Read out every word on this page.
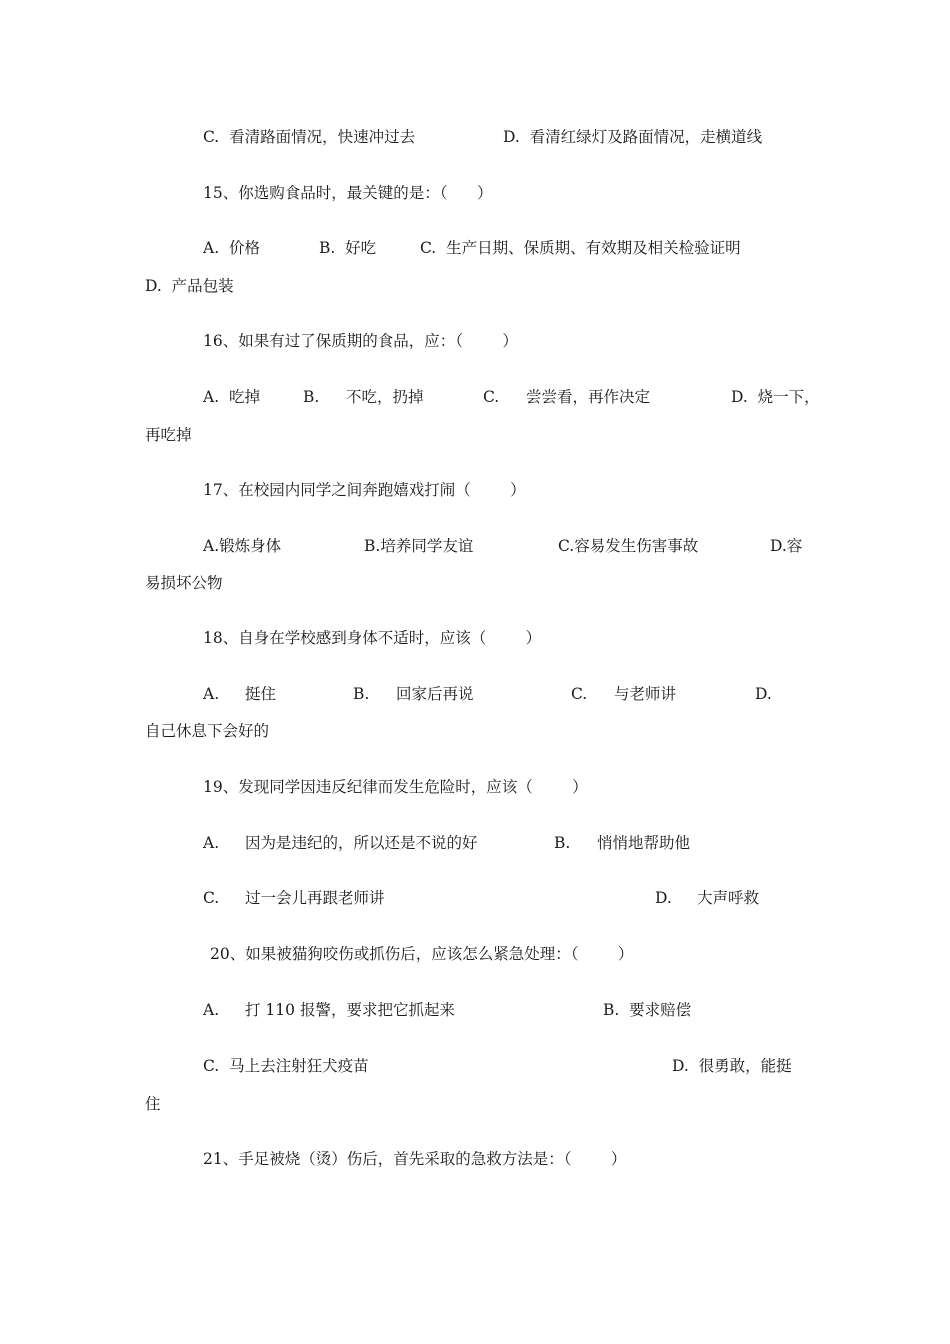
C.  看清路面情况，快速冲过去	D.  看清红绿灯及路面情况，走横道线
15、你选购食品时，最关键的是：（      ）
A.  价格	B.  好吃	C.  生产日期、保质期、有效期及相关检验证明
D.  产品包装
16、如果有过了保质期的食品，应：（        ）
A.  吃掉	B. 不吃，扔掉	C. 尝尝看，再作决定	D.  烧一下，
再吃掉
17、在校园内同学之间奔跑嬉戏打闹（        ）
A.锻炼身体	B.培养同学友谊	C.容易发生伤害事故	D.容
易损坏公物
18、自身在学校感到身体不适时，应该（        ）
A. 挺住	B. 回家后再说	C. 与老师讲	D.
自己休息下会好的
19、发现同学因违反纪律而发生危险时，应该（        ）
A. 因为是违纪的，所以还是不说的好	B. 悄悄地帮助他
C. 过一会儿再跟老师讲	D. 大声呼救
20、如果被猫狗咬伤或抓伤后，应该怎么紧急处理：（        ）
A. 打 110 报警，要求把它抓起来	B.  要求赔偿
C.  马上去注射狂犬疫苗	D.  很勇敢，能挺
住
21、手足被烧（烫）伤后，首先采取的急救方法是：（        ）
